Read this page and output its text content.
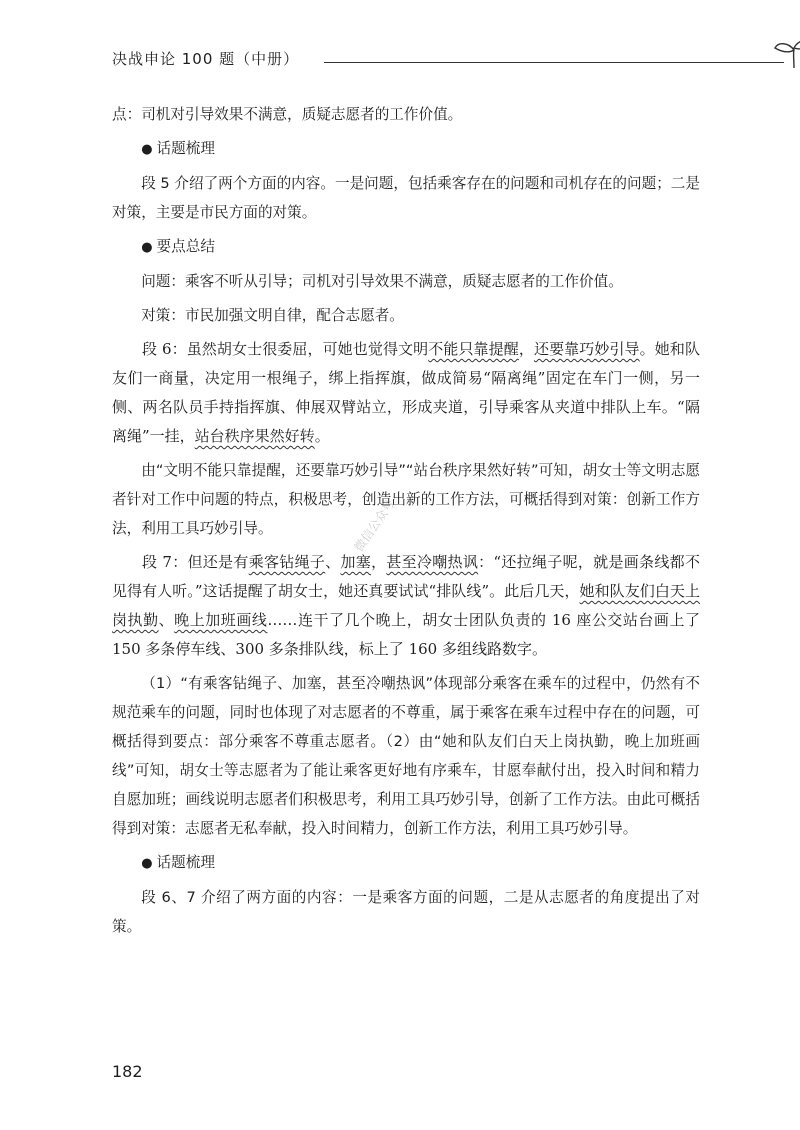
决战申论 100 题（中册）
微信公众号

点：司机对引导效果不满意，质疑志愿者的工作价值。

● 话题梳理

段 5 介绍了两个方面的内容。一是问题，包括乘客存在的问题和司机存在的问题；二是对策，主要是市民方面的对策。

● 要点总结

问题：乘客不听从引导；司机对引导效果不满意，质疑志愿者的工作价值。

对策：市民加强文明自律，配合志愿者。

段 6：虽然胡女士很委屈，可她也觉得文明不能只靠提醒，还要靠巧妙引导。她和队友们一商量，决定用一根绳子，绑上指挥旗，做成简易“隔离绳”固定在车门一侧，另一侧、两名队员手持指挥旗、伸展双臂站立，形成夹道，引导乘客从夹道中排队上车。“隔离绳”一挂，站台秩序果然好转。

由“文明不能只靠提醒，还要靠巧妙引导”“站台秩序果然好转”可知，胡女士等文明志愿者针对工作中问题的特点，积极思考，创造出新的工作方法，可概括得到对策：创新工作方法，利用工具巧妙引导。

段 7：但还是有乘客钻绳子、加塞，甚至冷嘲热讽：“还拉绳子呢，就是画条线都不见得有人听。”这话提醒了胡女士，她还真要试试“排队线”。此后几天，她和队友们白天上岗执勤、晚上加班画线……连干了几个晚上，胡女士团队负责的 16 座公交站台画上了 150 多条停车线、300 多条排队线，标上了 160 多组线路数字。

（1）“有乘客钻绳子、加塞，甚至冷嘲热讽”体现部分乘客在乘车的过程中，仍然有不规范乘车的问题，同时也体现了对志愿者的不尊重，属于乘客在乘车过程中存在的问题，可概括得到要点：部分乘客不尊重志愿者。（2）由“她和队友们白天上岗执勤，晚上加班画线”可知，胡女士等志愿者为了能让乘客更好地有序乘车，甘愿奉献付出，投入时间和精力自愿加班；画线说明志愿者们积极思考，利用工具巧妙引导，创新了工作方法。由此可概括得到对策：志愿者无私奉献，投入时间精力，创新工作方法，利用工具巧妙引导。

● 话题梳理

段 6、7 介绍了两方面的内容：一是乘客方面的问题，二是从志愿者的角度提出了对策。

182
